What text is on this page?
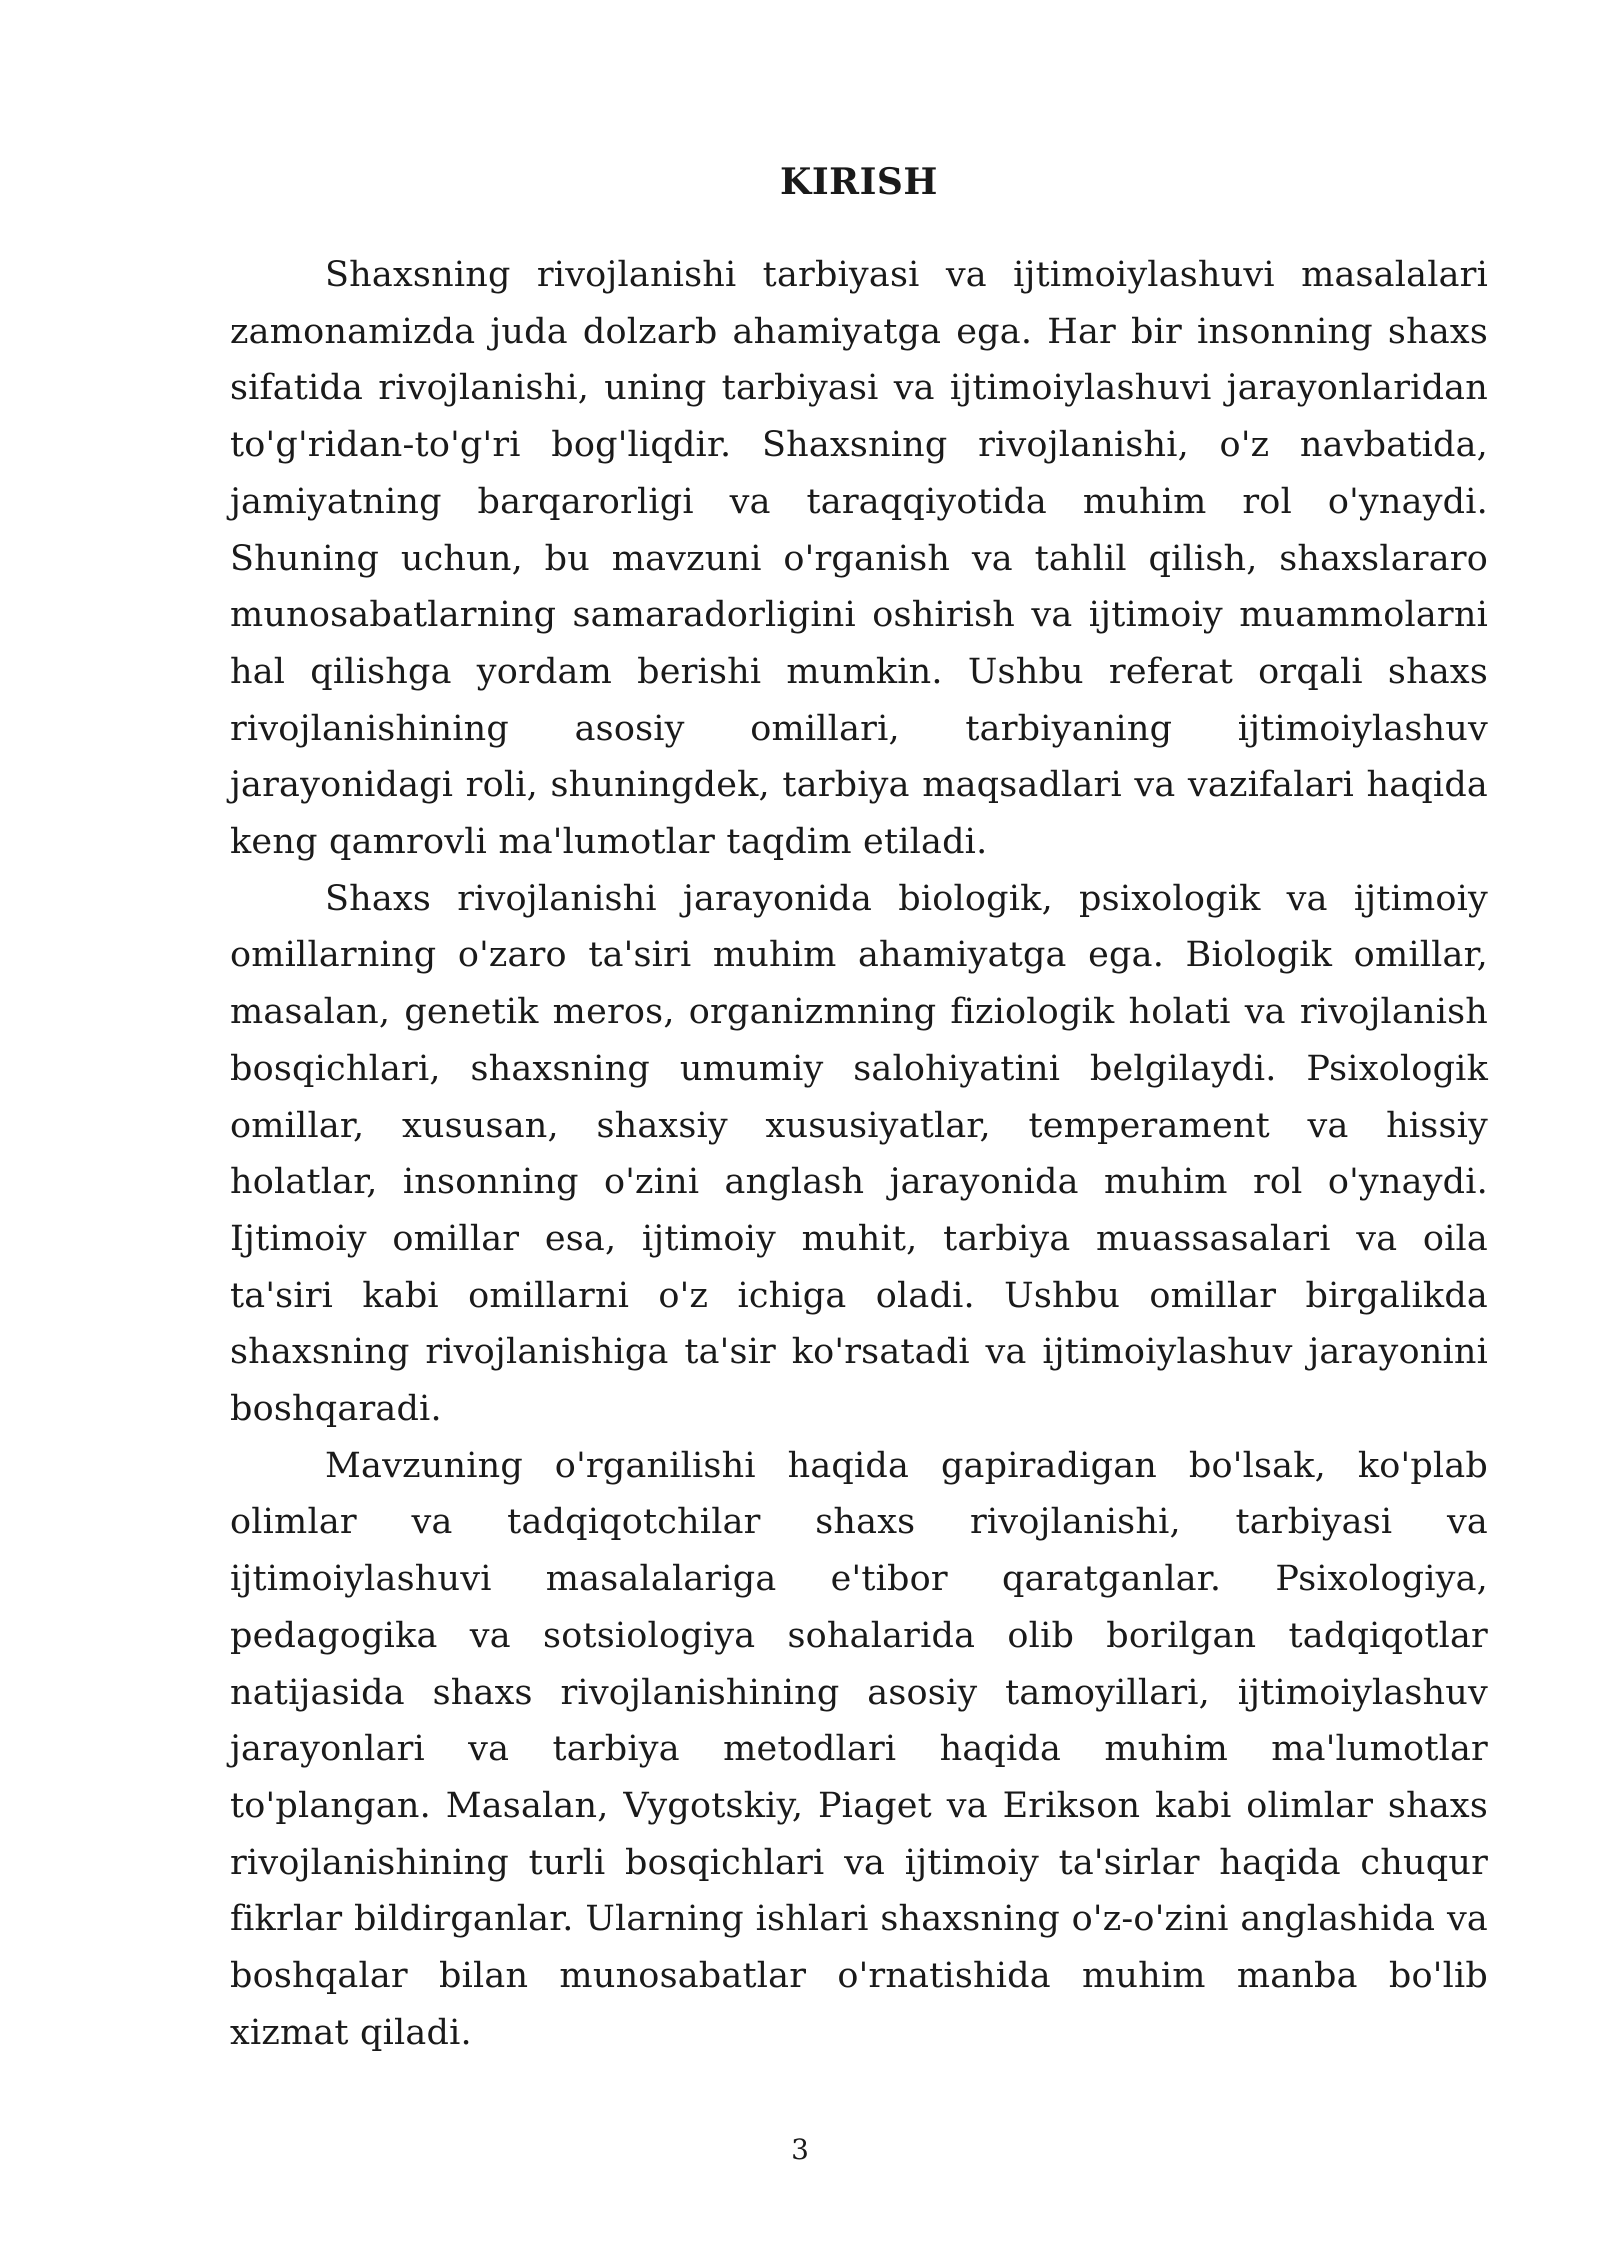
KIRISH

Shaxsning rivojlanishi tarbiyasi va ijtimoiylashuvi masalalari zamonamizda juda dolzarb ahamiyatga ega. Har bir insonning shaxs sifatida rivojlanishi, uning tarbiyasi va ijtimoiylashuvi jarayonlaridan to'g'ridan-to'g'ri bog'liqdir. Shaxsning rivojlanishi, o'z navbatida, jamiyatning barqarorligi va taraqqiyotida muhim rol o'ynaydi. Shuning uchun, bu mavzuni o'rganish va tahlil qilish, shaxslararo munosabatlarning samaradorligini oshirish va ijtimoiy muammolarni hal qilishga yordam berishi mumkin. Ushbu referat orqali shaxs rivojlanishining asosiy omillari, tarbiyaning ijtimoiylashuv jarayonidagi roli, shuningdek, tarbiya maqsadlari va vazifalari haqida keng qamrovli ma'lumotlar taqdim etiladi.

Shaxs rivojlanishi jarayonida biologik, psixologik va ijtimoiy omillarning o'zaro ta'siri muhim ahamiyatga ega. Biologik omillar, masalan, genetik meros, organizmning fiziologik holati va rivojlanish bosqichlari, shaxsning umumiy salohiyatini belgilaydi. Psixologik omillar, xususan, shaxsiy xususiyatlar, temperament va hissiy holatlar, insonning o'zini anglash jarayonida muhim rol o'ynaydi. Ijtimoiy omillar esa, ijtimoiy muhit, tarbiya muassasalari va oila ta'siri kabi omillarni o'z ichiga oladi. Ushbu omillar birgalikda shaxsning rivojlanishiga ta'sir ko'rsatadi va ijtimoiylashuv jarayonini boshqaradi.

Mavzuning o'rganilishi haqida gapiradigan bo'lsak, ko'plab olimlar va tadqiqotchilar shaxs rivojlanishi, tarbiyasi va ijtimoiylashuvi masalalariga e'tibor qaratganlar. Psixologiya, pedagogika va sotsiologiya sohalarida olib borilgan tadqiqotlar natijasida shaxs rivojlanishining asosiy tamoyillari, ijtimoiylashuv jarayonlari va tarbiya metodlari haqida muhim ma'lumotlar to'plangan. Masalan, Vygotskiy, Piaget va Erikson kabi olimlar shaxs rivojlanishining turli bosqichlari va ijtimoiy ta'sirlar haqida chuqur fikrlar bildirganlar. Ularning ishlari shaxsning o'z-o'zini anglashida va boshqalar bilan munosabatlar o'rnatishida muhim manba bo'lib xizmat qiladi.

3
